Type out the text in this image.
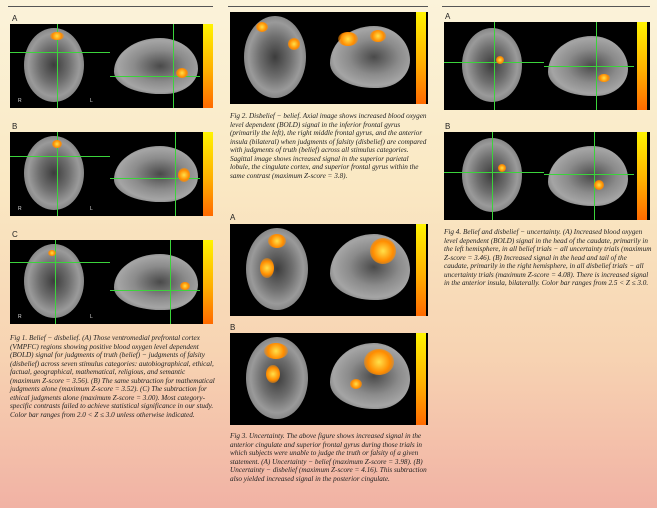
A
R	L
B
R	L
C
R	L

Fig 1. Belief − disbelief. (A) Those ventromedial prefrontal cortex (VMPFC) regions showing positive blood oxygen level dependent (BOLD) signal for judgments of truth (belief) − judgments of falsity (disbelief) across seven stimulus categories: autobiographical, ethical, factual, geographical, mathematical, religious, and semantic (maximum Z-score = 3.56). (B) The same subtraction for mathematical judgments alone (maximum Z-score = 3.52). (C) The subtraction for ethical judgments alone (maximum Z-score = 3.00). Most category-specific contrasts failed to achieve statistical significance in our study. Color bar ranges from 2.0 < Z ≤ 3.0 unless otherwise indicated.

Fig 2. Disbelief − belief. Axial image shows increased blood oxygen level dependent (BOLD) signal in the inferior frontal gyrus (primarily the left), the right middle frontal gyrus, and the anterior insula (bilateral) when judgments of falsity (disbelief) are compared with judgments of truth (belief) across all stimulus categories. Sagittal image shows increased signal in the superior parietal lobule, the cingulate cortex, and superior frontal gyrus within the same contrast (maximum Z-score = 3.8).

A
B

Fig 3. Uncertainty. The above figure shows increased signal in the anterior cingulate and superior frontal gyrus during those trials in which subjects were unable to judge the truth or falsity of a given statement. (A) Uncertainty − belief (maximum Z-score = 3.98). (B) Uncertainty − disbelief (maximum Z-score = 4.16). This subtraction also yielded increased signal in the posterior cingulate.

A
B

Fig 4. Belief and disbelief − uncertainty. (A) Increased blood oxygen level dependent (BOLD) signal in the head of the caudate, primarily in the left hemisphere, in all belief trials − all uncertainty trials (maximum Z-score = 3.46). (B) Increased signal in the head and tail of the caudate, primarily in the right hemisphere, in all disbelief trials − all uncertainty trials (maximum Z-score = 4.08). There is increased signal in the anterior insula, bilaterally. Color bar ranges from 2.5 < Z ≤ 3.0.
